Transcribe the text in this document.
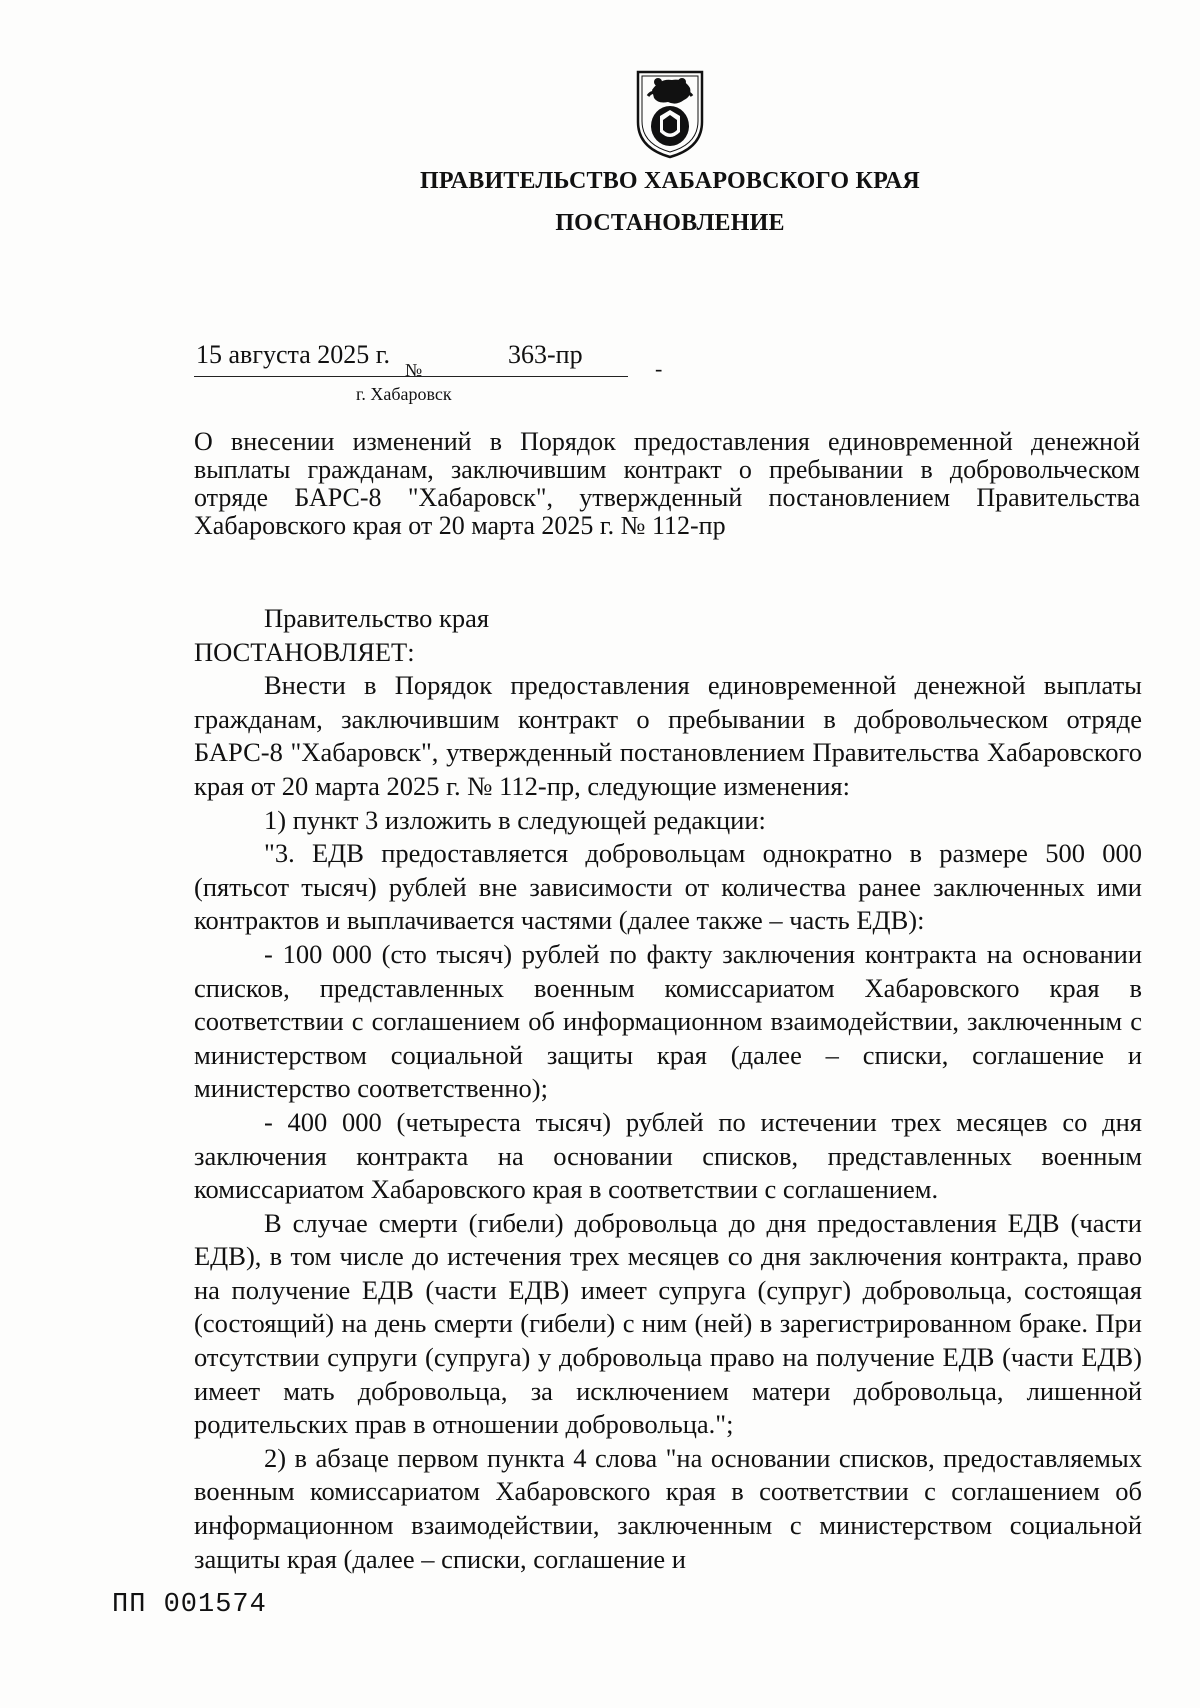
ПРАВИТЕЛЬСТВО ХАБАРОВСКОГО КРАЯ
ПОСТАНОВЛЕНИЕ
15 августа 2025 г.
№
363-пр	-
г. Хабаровск
О внесении изменений в Порядок предоставления единовременной денежной выплаты гражданам, заключившим контракт о пребывании в добровольческом отряде БАРС-8 "Хабаровск", утвержденный постановлением Правительства Хабаровского края от 20 марта 2025 г. № 112-пр

Правительство края

ПОСТАНОВЛЯЕТ:

Внести в Порядок предоставления единовременной денежной выплаты гражданам, заключившим контракт о пребывании в добровольческом отряде БАРС-8 "Хабаровск", утвержденный постановлением Правительства Хабаровского края от 20 марта 2025 г. № 112-пр, следующие изменения:

1) пункт 3 изложить в следующей редакции:

"3. ЕДВ предоставляется добровольцам однократно в размере 500 000 (пятьсот тысяч) рублей вне зависимости от количества ранее заключенных ими контрактов и выплачивается частями (далее также – часть ЕДВ):

- 100 000 (сто тысяч) рублей по факту заключения контракта на основании списков, представленных военным комиссариатом Хабаровского края в соответствии с соглашением об информационном взаимодействии, заключенным с министерством социальной защиты края (далее – списки, соглашение и министерство соответственно);

- 400 000 (четыреста тысяч) рублей по истечении трех месяцев со дня заключения контракта на основании списков, представленных военным комиссариатом Хабаровского края в соответствии с соглашением.

В случае смерти (гибели) добровольца до дня предоставления ЕДВ (части ЕДВ), в том числе до истечения трех месяцев со дня заключения контракта, право на получение ЕДВ (части ЕДВ) имеет супруга (супруг) добровольца, состоящая (состоящий) на день смерти (гибели) с ним (ней) в зарегистрированном браке. При отсутствии супруги (супруга) у добровольца право на получение ЕДВ (части ЕДВ) имеет мать добровольца, за исключением матери добровольца, лишенной родительских прав в отношении добровольца.";

2) в абзаце первом пункта 4 слова "на основании списков, предоставляемых военным комиссариатом Хабаровского края в соответствии с соглашением об информационном взаимодействии, заключенным с министерством социальной защиты края (далее – списки, соглашение и

ПП 001574
